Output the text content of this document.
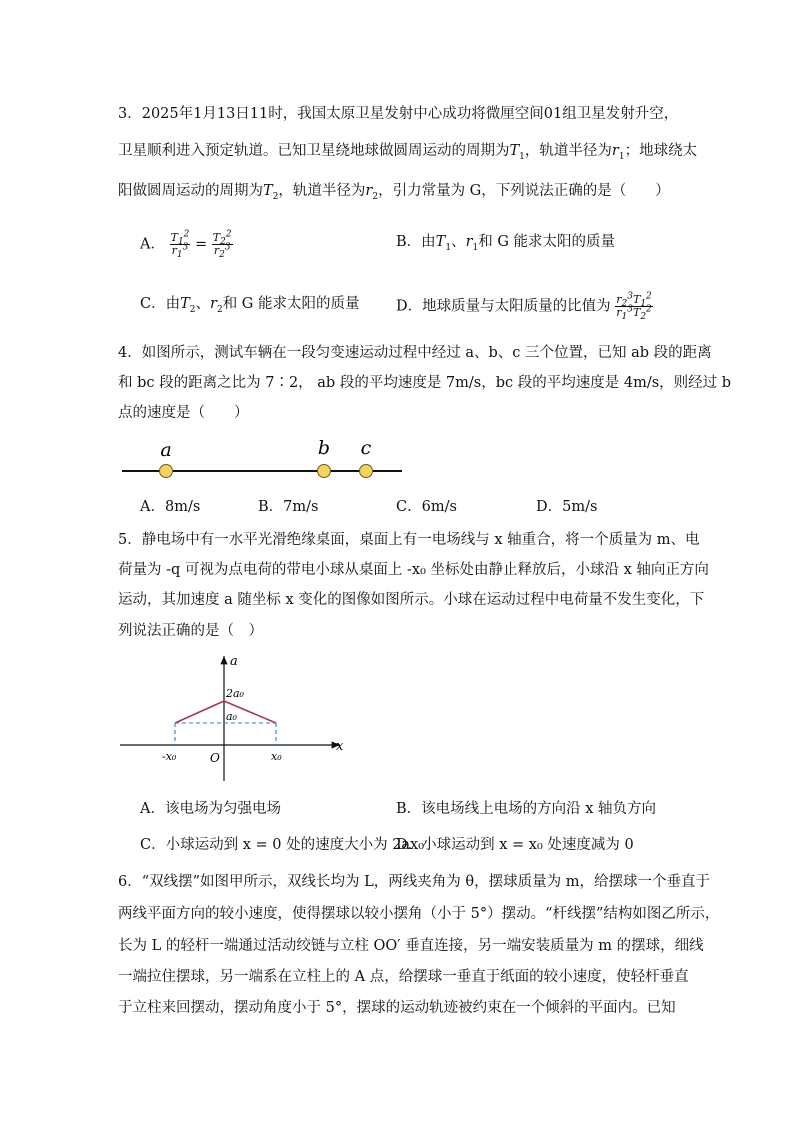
3．2025年1月13日11时，我国太原卫星发射中心成功将微厘空间01组卫星发射升空，
卫星顺利进入预定轨道。已知卫星绕地球做圆周运动的周期为$T_1$，轨道半径为$r_1$；地球绕太
阳做圆周运动的周期为$T_2$，轨道半径为$r_2$，引力常量为 G，下列说法正确的是（　　）
A． $\frac{T_1^2}{r_1^3} = \frac{T_2^2}{r_2^3}$	B．由$T_1$、$r_1$和 G 能求太阳的质量
C．由$T_2$、$r_2$和 G 能求太阳的质量	D．地球质量与太阳质量的比值为 $\frac{r_2^3T_1^2}{r_1^3T_2^2}$
4．如图所示，测试车辆在一段匀变速运动过程中经过 a、b、c 三个位置，已知 ab 段的距离
和 bc 段的距离之比为 7∶2， ab 段的平均速度是 7m/s，bc 段的平均速度是 4m/s，则经过 b
点的速度是（　　）
a	b c
A．8m/s	B．7m/s	C．6m/s	D．5m/s
5．静电场中有一水平光滑绝缘桌面，桌面上有一电场线与 x 轴重合，将一个质量为 m、电
荷量为 -q 可视为点电荷的带电小球从桌面上 -x₀ 坐标处由静止释放后，小球沿 x 轴向正方向
运动，其加速度 a 随坐标 x 变化的图像如图所示。小球在运动过程中电荷量不发生变化，下
列说法正确的是（　）
a
x
2a₀
a₀
-x₀	O	x₀
A．该电场为匀强电场	B．该电场线上电场的方向沿 x 轴负方向
C．小球运动到 x = 0 处的速度大小为 2ax₀
D．小球运动到 x = x₀ 处速度减为 0
6．“双线摆”如图甲所示，双线长均为 L，两线夹角为 θ，摆球质量为 m，给摆球一个垂直于
两线平面方向的较小速度，使得摆球以较小摆角（小于 5°）摆动。“杆线摆”结构如图乙所示，
长为 L 的轻杆一端通过活动绞链与立柱 OO′ 垂直连接，另一端安装质量为 m 的摆球，细线
一端拉住摆球，另一端系在立柱上的 A 点，给摆球一垂直于纸面的较小速度，使轻杆垂直
于立柱来回摆动，摆动角度小于 5°，摆球的运动轨迹被约束在一个倾斜的平面内。已知
